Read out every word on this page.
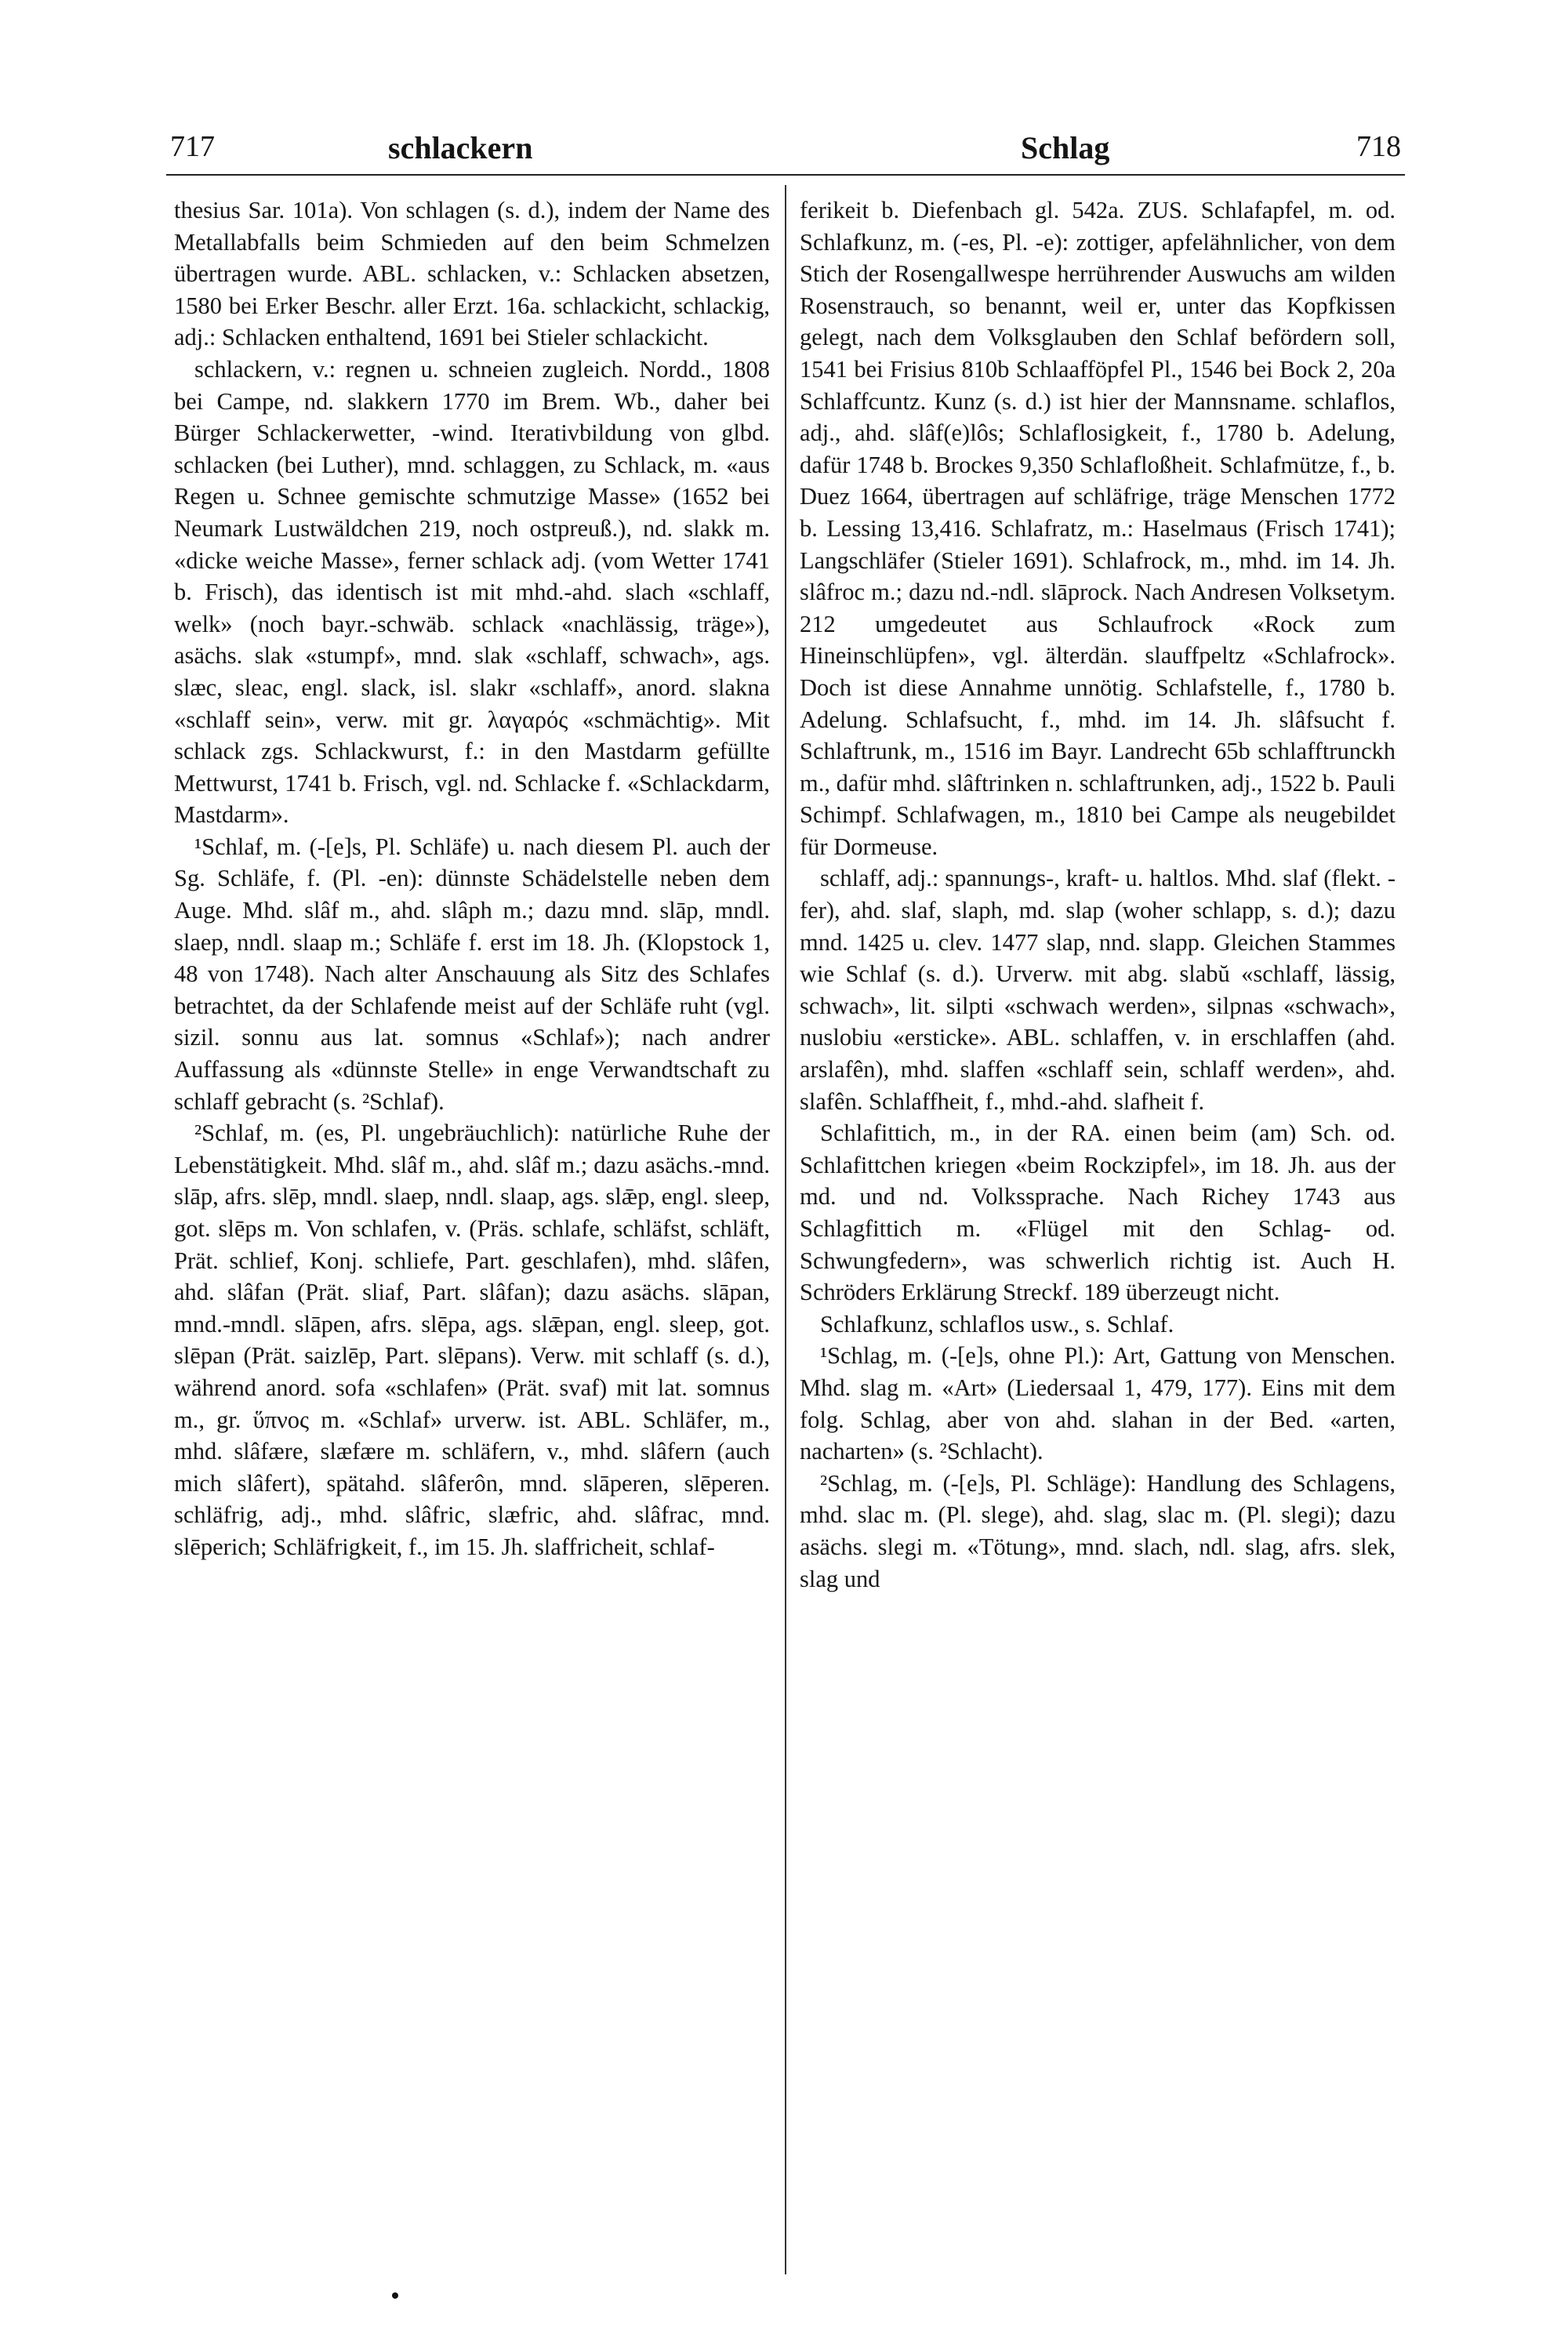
717	schlackern	Schlag	718

thesius Sar. 101a). Von schlagen (s. d.), indem der Name des Metallabfalls beim Schmieden auf den beim Schmelzen übertragen wurde. ABL. schlacken, v.: Schlacken absetzen, 1580 bei Erker Beschr. aller Erzt. 16a. schlackicht, schlackig, adj.: Schlacken enthaltend, 1691 bei Stieler schlackicht.

schlackern, v.: regnen u. schneien zugleich. Nordd., 1808 bei Campe, nd. slakkern 1770 im Brem. Wb., daher bei Bürger Schlackerwetter, -wind. Iterativbildung von glbd. schlacken (bei Luther), mnd. schlaggen, zu Schlack, m. «aus Regen u. Schnee gemischte schmutzige Masse» (1652 bei Neumark Lustwäldchen 219, noch ostpreuß.), nd. slakk m. «dicke weiche Masse», ferner schlack adj. (vom Wetter 1741 b. Frisch), das identisch ist mit mhd.-ahd. slach «schlaff, welk» (noch bayr.-schwäb. schlack «nachlässig, träge»), asächs. slak «stumpf», mnd. slak «schlaff, schwach», ags. slæc, sleac, engl. slack, isl. slakr «schlaff», anord. slakna «schlaff sein», verw. mit gr. λαγαρός «schmächtig». Mit schlack zgs. Schlackwurst, f.: in den Mastdarm gefüllte Mettwurst, 1741 b. Frisch, vgl. nd. Schlacke f. «Schlackdarm, Mastdarm».

¹Schlaf, m. (-[e]s, Pl. Schläfe) u. nach diesem Pl. auch der Sg. Schläfe, f. (Pl. -en): dünnste Schädelstelle neben dem Auge. Mhd. slâf m., ahd. slâph m.; dazu mnd. slāp, mndl. slaep, nndl. slaap m.; Schläfe f. erst im 18. Jh. (Klopstock 1, 48 von 1748). Nach alter Anschauung als Sitz des Schlafes betrachtet, da der Schlafende meist auf der Schläfe ruht (vgl. sizil. sonnu aus lat. somnus «Schlaf»); nach andrer Auffassung als «dünnste Stelle» in enge Verwandtschaft zu schlaff gebracht (s. ²Schlaf).

²Schlaf, m. (es, Pl. ungebräuchlich): natürliche Ruhe der Lebenstätigkeit. Mhd. slâf m., ahd. slâf m.; dazu asächs.-mnd. slāp, afrs. slēp, mndl. slaep, nndl. slaap, ags. slǣp, engl. sleep, got. slēps m. Von schlafen, v. (Präs. schlafe, schläfst, schläft, Prät. schlief, Konj. schliefe, Part. geschlafen), mhd. slâfen, ahd. slâfan (Prät. sliaf, Part. slâfan); dazu asächs. slāpan, mnd.-mndl. slāpen, afrs. slēpa, ags. slǣpan, engl. sleep, got. slēpan (Prät. saizlēp, Part. slēpans). Verw. mit schlaff (s. d.), während anord. sofa «schlafen» (Prät. svaf) mit lat. somnus m., gr. ὕπνος m. «Schlaf» urverw. ist. ABL. Schläfer, m., mhd. slâfære, slæfære m. schläfern, v., mhd. slâfern (auch mich slâfert), spätahd. slâferôn, mnd. slāperen, slēperen. schläfrig, adj., mhd. slâfric, slæfric, ahd. slâfrac, mnd. slēperich; Schläfrigkeit, f., im 15. Jh. slaffricheit, schlaf-

ferikeit b. Diefenbach gl. 542a. ZUS. Schlafapfel, m. od. Schlafkunz, m. (-es, Pl. -e): zottiger, apfelähnlicher, von dem Stich der Rosengallwespe herrührender Auswuchs am wilden Rosenstrauch, so benannt, weil er, unter das Kopfkissen gelegt, nach dem Volksglauben den Schlaf befördern soll, 1541 bei Frisius 810b Schlaafföpfel Pl., 1546 bei Bock 2, 20a Schlaffcuntz. Kunz (s. d.) ist hier der Mannsname. schlaflos, adj., ahd. slâf(e)lôs; Schlaflosigkeit, f., 1780 b. Adelung, dafür 1748 b. Brockes 9,350 Schlafloßheit. Schlafmütze, f., b. Duez 1664, übertragen auf schläfrige, träge Menschen 1772 b. Lessing 13,416. Schlafratz, m.: Haselmaus (Frisch 1741); Langschläfer (Stieler 1691). Schlafrock, m., mhd. im 14. Jh. slâfroc m.; dazu nd.-ndl. slāprock. Nach Andresen Volksetym. 212 umgedeutet aus Schlaufrock «Rock zum Hineinschlüpfen», vgl. älterdän. slauffpeltz «Schlafrock». Doch ist diese Annahme unnötig. Schlafstelle, f., 1780 b. Adelung. Schlafsucht, f., mhd. im 14. Jh. slâfsucht f. Schlaftrunk, m., 1516 im Bayr. Landrecht 65b schlafftrunckh m., dafür mhd. slâftrinken n. schlaftrunken, adj., 1522 b. Pauli Schimpf. Schlafwagen, m., 1810 bei Campe als neugebildet für Dormeuse.

schlaff, adj.: spannungs-, kraft- u. haltlos. Mhd. slaf (flekt. -fer), ahd. slaf, slaph, md. slap (woher schlapp, s. d.); dazu mnd. 1425 u. clev. 1477 slap, nnd. slapp. Gleichen Stammes wie Schlaf (s. d.). Urverw. mit abg. slabŭ «schlaff, lässig, schwach», lit. silpti «schwach werden», silpnas «schwach», nuslobiu «ersticke». ABL. schlaffen, v. in erschlaffen (ahd. arslafên), mhd. slaffen «schlaff sein, schlaff werden», ahd. slafên. Schlaffheit, f., mhd.-ahd. slafheit f.

Schlafittich, m., in der RA. einen beim (am) Sch. od. Schlafittchen kriegen «beim Rockzipfel», im 18. Jh. aus der md. und nd. Volkssprache. Nach Richey 1743 aus Schlagfittich m. «Flügel mit den Schlag- od. Schwungfedern», was schwerlich richtig ist. Auch H. Schröders Erklärung Streckf. 189 überzeugt nicht.

Schlafkunz, schlaflos usw., s. Schlaf.

¹Schlag, m. (-[e]s, ohne Pl.): Art, Gattung von Menschen. Mhd. slag m. «Art» (Liedersaal 1, 479, 177). Eins mit dem folg. Schlag, aber von ahd. slahan in der Bed. «arten, nacharten» (s. ²Schlacht).

²Schlag, m. (-[e]s, Pl. Schläge): Handlung des Schlagens, mhd. slac m. (Pl. slege), ahd. slag, slac m. (Pl. slegi); dazu asächs. slegi m. «Tötung», mnd. slach, ndl. slag, afrs. slek, slag und
